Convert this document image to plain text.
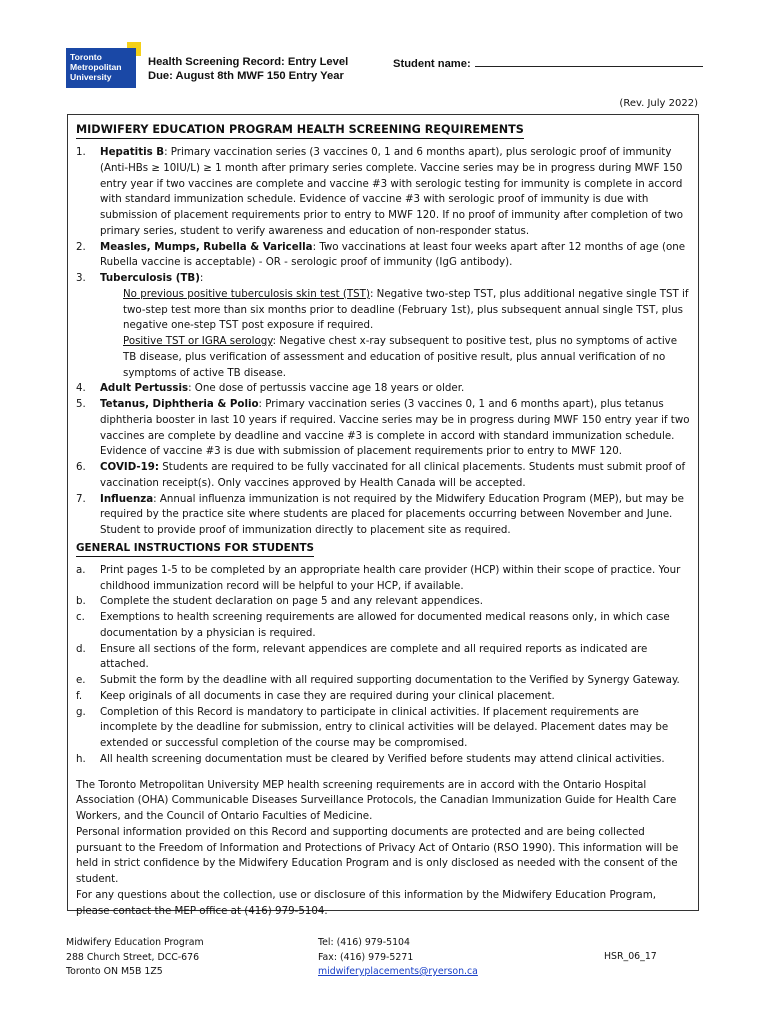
Toronto
Metropolitan
University
Health Screening Record: Entry Level
Due: August 8th MWF 150 Entry Year
Student name:
(Rev. July 2022)
MIDWIFERY EDUCATION PROGRAM HEALTH SCREENING REQUIREMENTS
1. Hepatitis B: Primary vaccination series (3 vaccines 0, 1 and 6 months apart), plus serologic proof of immunity (Anti-HBs ≥ 10IU/L) ≥ 1 month after primary series complete. Vaccine series may be in progress during MWF 150 entry year if two vaccines are complete and vaccine #3 with serologic testing for immunity is complete in accord with standard immunization schedule. Evidence of vaccine #3 with serologic proof of immunity is due with submission of placement requirements prior to entry to MWF 120. If no proof of immunity after completion of two primary series, student to verify awareness and education of non-responder status.
2. Measles, Mumps, Rubella & Varicella: Two vaccinations at least four weeks apart after 12 months of age (one Rubella vaccine is acceptable) - OR - serologic proof of immunity (IgG antibody).
3. Tuberculosis (TB):
No previous positive tuberculosis skin test (TST): Negative two-step TST, plus additional negative single TST if two-step test more than six months prior to deadline (February 1st), plus subsequent annual single TST, plus negative one-step TST post exposure if required.
Positive TST or IGRA serology: Negative chest x-ray subsequent to positive test, plus no symptoms of active TB disease, plus verification of assessment and education of positive result, plus annual verification of no symptoms of active TB disease.
4. Adult Pertussis: One dose of pertussis vaccine age 18 years or older.
5. Tetanus, Diphtheria & Polio: Primary vaccination series (3 vaccines 0, 1 and 6 months apart), plus tetanus diphtheria booster in last 10 years if required. Vaccine series may be in progress during MWF 150 entry year if two vaccines are complete by deadline and vaccine #3 is complete in accord with standard immunization schedule. Evidence of vaccine #3 is due with submission of placement requirements prior to entry to MWF 120.
6. COVID-19: Students are required to be fully vaccinated for all clinical placements. Students must submit proof of vaccination receipt(s). Only vaccines approved by Health Canada will be accepted.
7. Influenza: Annual influenza immunization is not required by the Midwifery Education Program (MEP), but may be required by the practice site where students are placed for placements occurring between November and June. Student to provide proof of immunization directly to placement site as required.
GENERAL INSTRUCTIONS FOR STUDENTS
a. Print pages 1-5 to be completed by an appropriate health care provider (HCP) within their scope of practice. Your childhood immunization record will be helpful to your HCP, if available.
b. Complete the student declaration on page 5 and any relevant appendices.
c. Exemptions to health screening requirements are allowed for documented medical reasons only, in which case documentation by a physician is required.
d. Ensure all sections of the form, relevant appendices are complete and all required reports as indicated are attached.
e. Submit the form by the deadline with all required supporting documentation to the Verified by Synergy Gateway.
f. Keep originals of all documents in case they are required during your clinical placement.
g. Completion of this Record is mandatory to participate in clinical activities. If placement requirements are incomplete by the deadline for submission, entry to clinical activities will be delayed. Placement dates may be extended or successful completion of the course may be compromised.
h. All health screening documentation must be cleared by Verified before students may attend clinical activities.

The Toronto Metropolitan University MEP health screening requirements are in accord with the Ontario Hospital Association (OHA) Communicable Diseases Surveillance Protocols, the Canadian Immunization Guide for Health Care Workers, and the Council of Ontario Faculties of Medicine.

Personal information provided on this Record and supporting documents are protected and are being collected pursuant to the Freedom of Information and Protections of Privacy Act of Ontario (RSO 1990). This information will be held in strict confidence by the Midwifery Education Program and is only disclosed as needed with the consent of the student.

For any questions about the collection, use or disclosure of this information by the Midwifery Education Program, please contact the MEP office at (416) 979-5104.

Midwifery Education Program
288 Church Street, DCC-676
Toronto ON M5B 1Z5
Tel: (416) 979-5104
Fax: (416) 979-5271
midwiferyplacements@ryerson.ca
HSR_06_17
